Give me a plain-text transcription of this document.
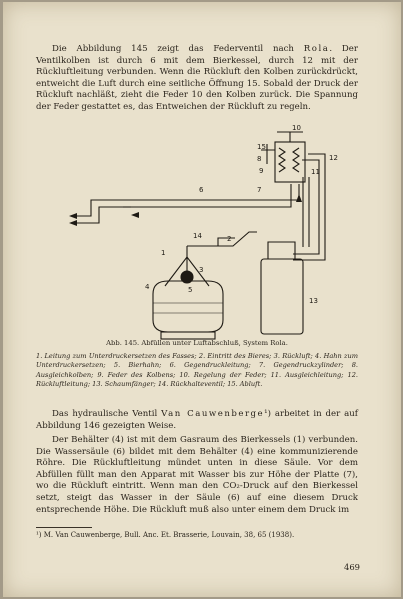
Die Abbildung 145 zeigt das Federventil nach Rola. Der Ventilkolben ist durch 6 mit dem Bierkessel, durch 12 mit der Rückluftleitung verbunden. Wenn die Rückluft den Kolben zurückdrückt, entweicht die Luft durch eine seitliche Öffnung 15. Sobald der Druck der Rückluft nachläßt, zieht die Feder 10 den Kolben zurück. Die Spannung der Feder gestattet es, das Entweichen der Rückluft zu regeln.

10
15
8
9
7
12
11
6
2
14
1
3
4	5
13
Abb. 145. Abfüllen unter Luftabschluß, System Rola.

1. Leitung zum Unterdruckersetzen des Fasses; 2. Eintritt des Bieres; 3. Rückluft; 4. Hahn zum Unterdruckersetzen; 5. Bierhahn; 6. Gegendruckleitung; 7. Gegendruckzylinder; 8. Ausgleichkolben; 9. Feder des Kolbens; 10. Regelung der Feder; 11. Ausgleichleitung; 12. Rückluftleitung; 13. Schaumfänger; 14. Rückhalteventil; 15. Abluft.

Das hydraulische Ventil Van Cauwenberge¹) arbeitet in der auf Abbildung 146 gezeigten Weise.

Der Behälter (4) ist mit dem Gasraum des Bierkessels (1) verbunden. Die Wassersäule (6) bildet mit dem Behälter (4) eine kommunizierende Röhre. Die Rückluftleitung mündet unten in diese Säule. Vor dem Abfüllen füllt man den Apparat mit Wasser bis zur Höhe der Platte (7), wo die Rückluft eintritt. Wenn man den CO₂-Druck auf den Bierkessel setzt, steigt das Wasser in der Säule (6) auf eine diesem Druck entsprechende Höhe. Die Rückluft muß also unter einem dem Druck im

¹) M. Van Cauwenberge, Bull. Anc. Et. Brasserie, Louvain, 38, 65 (1938).
469
